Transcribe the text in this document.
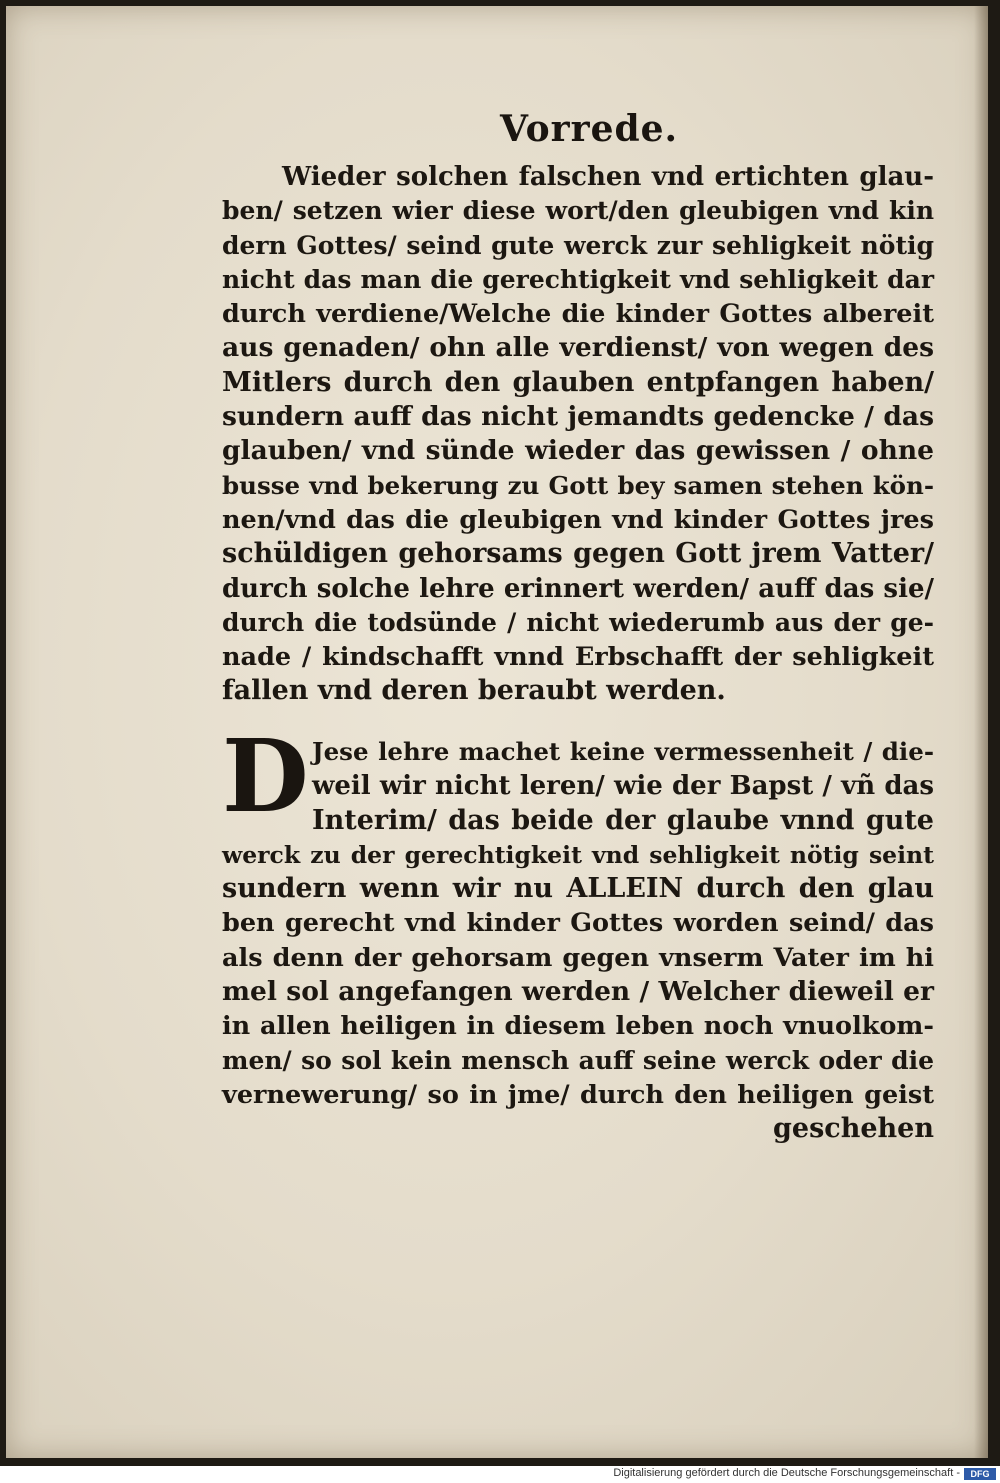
Vorrede.
Wieder solchen falschen vnd ertichten glau-
ben/ setzen wier diese wort/den gleubigen vnd kin
dern Gottes/ seind gute werck zur sehligkeit nötig
nicht das man die gerechtigkeit vnd sehligkeit dar
durch verdiene/Welche die kinder Gottes albereit
aus genaden/ ohn alle verdienst/ von wegen des
Mitlers durch den glauben entpfangen haben/
sundern auff das nicht jemandts gedencke / das
glauben/ vnd sünde wieder das gewissen / ohne
busse vnd bekerung zu Gott bey samen stehen kön-
nen/vnd das die gleubigen vnd kinder Gottes jres
schüldigen gehorsams gegen Gott jrem Vatter/
durch solche lehre erinnert werden/ auff das sie/
durch die todsünde / nicht wiederumb aus der ge-
nade / kindschafft vnnd Erbschafft der sehligkeit
fallen vnd deren beraubt werden.
D Jese lehre machet keine vermessenheit / die-
weil wir nicht leren/ wie der Bapst / vñ das
Interim/ das beide der glaube vnnd gute
werck zu der gerechtigkeit vnd sehligkeit nötig seint
sundern wenn wir nu ALLEIN durch den glau
ben gerecht vnd kinder Gottes worden seind/ das
als denn der gehorsam gegen vnserm Vater im hi
mel sol angefangen werden / Welcher dieweil er
in allen heiligen in diesem leben noch vnuolkom-
men/ so sol kein mensch auff seine werck oder die
vernewerung/ so in jme/ durch den heiligen geist
geschehen
Digitalisierung gefördert durch die Deutsche Forschungsgemeinschaft -	DFG
